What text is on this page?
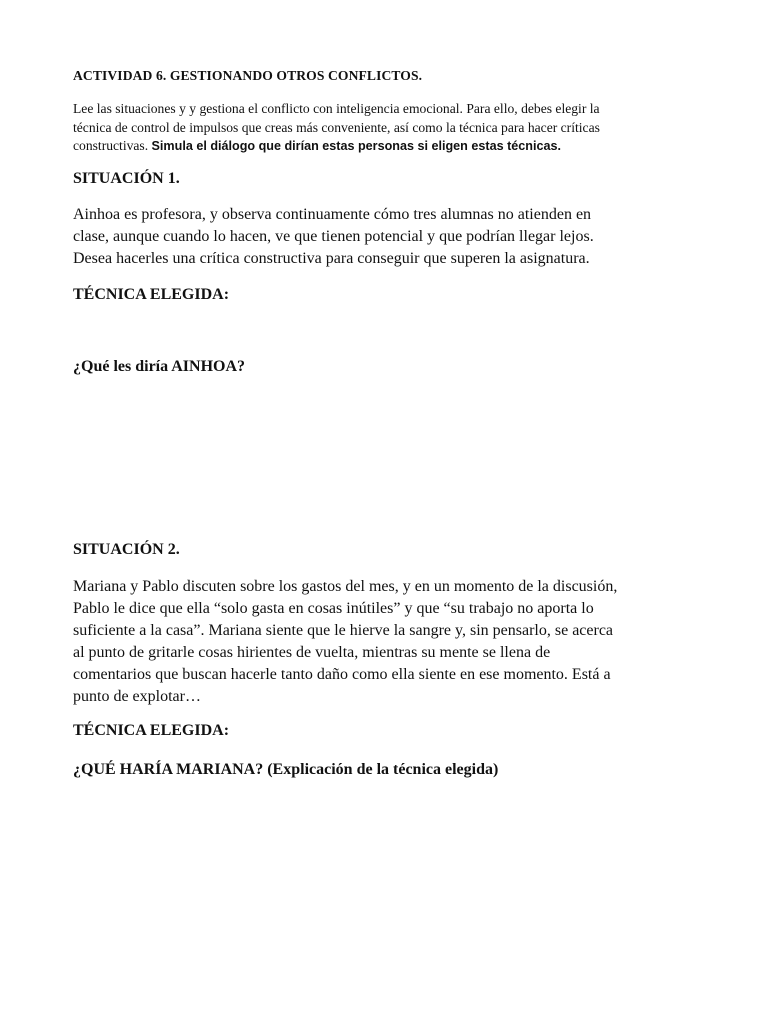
ACTIVIDAD 6. GESTIONANDO OTROS CONFLICTOS.

Lee las situaciones y y gestiona el conflicto con inteligencia emocional. Para ello, debes elegir la
técnica de control de impulsos que creas más conveniente, así como la técnica para hacer críticas
constructivas. Simula el diálogo que dirían estas personas si eligen estas técnicas.

SITUACIÓN 1.

Ainhoa es profesora, y observa continuamente cómo tres alumnas no atienden en
clase, aunque cuando lo hacen, ve que tienen potencial y que podrían llegar lejos.
Desea hacerles una crítica constructiva para conseguir que superen la asignatura.

TÉCNICA ELEGIDA:

¿Qué les diría AINHOA?

SITUACIÓN 2.

Mariana y Pablo discuten sobre los gastos del mes, y en un momento de la discusión,
Pablo le dice que ella “solo gasta en cosas inútiles” y que “su trabajo no aporta lo
suficiente a la casa”. Mariana siente que le hierve la sangre y, sin pensarlo, se acerca
al punto de gritarle cosas hirientes de vuelta, mientras su mente se llena de
comentarios que buscan hacerle tanto daño como ella siente en ese momento. Está a
punto de explotar…

TÉCNICA ELEGIDA:

¿QUÉ HARÍA MARIANA? (Explicación de la técnica elegida)
